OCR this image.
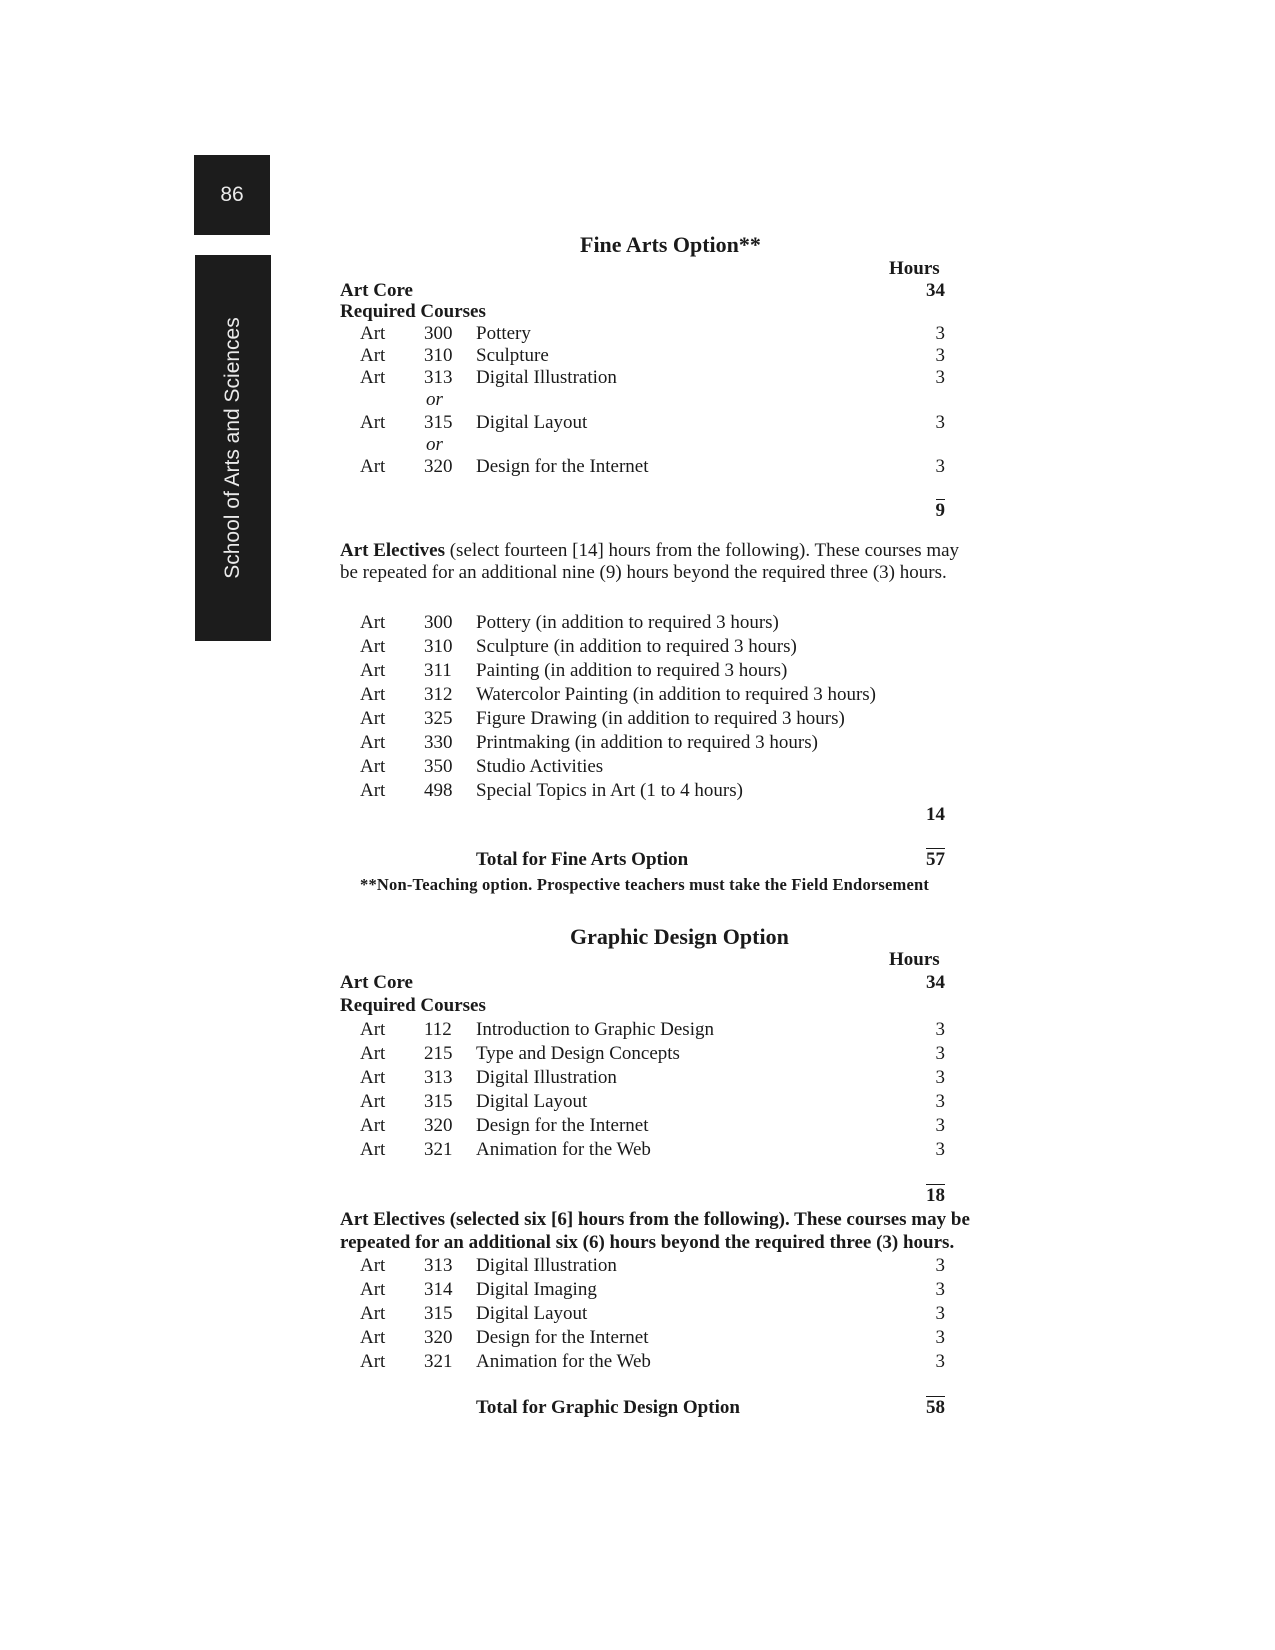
86
School of Arts and Sciences
Fine Arts Option**
Hours
Art Core	34
Required Courses
Art 300 Pottery	3
Art 310 Sculpture	3
Art 313 Digital Illustration	3
or
Art 315 Digital Layout	3
or
Art 320 Design for the Internet	3
9
Art Electives (select fourteen [14] hours from the following). These courses may
be repeated for an additional nine (9) hours beyond the required three (3) hours.
Art 300 Pottery (in addition to required 3 hours)
Art 310 Sculpture (in addition to required 3 hours)
Art 311 Painting (in addition to required 3 hours)
Art 312 Watercolor Painting (in addition to required 3 hours)
Art 325 Figure Drawing (in addition to required 3 hours)
Art 330 Printmaking (in addition to required 3 hours)
Art 350 Studio Activities
Art 498 Special Topics in Art (1 to 4 hours)
14
Total for Fine Arts Option	57
**Non-Teaching option. Prospective teachers must take the Field Endorsement
Graphic Design Option
Hours
Art Core	34
Required Courses
Art 112 Introduction to Graphic Design	3
Art 215 Type and Design Concepts	3
Art 313 Digital Illustration	3
Art 315 Digital Layout	3
Art 320 Design for the Internet	3
Art 321 Animation for the Web	3
18
Art Electives (selected six [6] hours from the following). These courses may be
repeated for an additional six (6) hours beyond the required three (3) hours.
Art 313 Digital Illustration	3
Art 314 Digital Imaging	3
Art 315 Digital Layout	3
Art 320 Design for the Internet	3
Art 321 Animation for the Web	3
Total for Graphic Design Option	58
